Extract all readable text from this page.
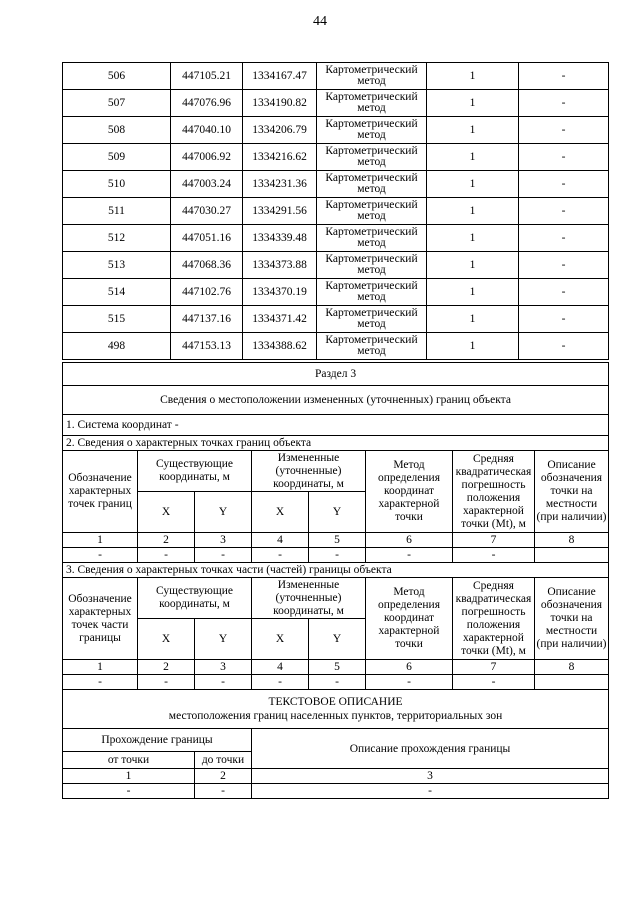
44
506	447105.21	1334167.47	Картометрический метод	1	-
507	447076.96	1334190.82	Картометрический метод	1	-
508	447040.10	1334206.79	Картометрический метод	1	-
509	447006.92	1334216.62	Картометрический метод	1	-
510	447003.24	1334231.36	Картометрический метод	1	-
511	447030.27	1334291.56	Картометрический метод	1	-
512	447051.16	1334339.48	Картометрический метод	1	-
513	447068.36	1334373.88	Картометрический метод	1	-
514	447102.76	1334370.19	Картометрический метод	1	-
515	447137.16	1334371.42	Картометрический метод	1	-
498	447153.13	1334388.62	Картометрический метод	1	-
Раздел 3							
Сведения о местоположении измененных (уточненных) границ объекта							
1. Система координат -							
2. Сведения о характерных точках границ объекта							
Обозначение характерных точек границ	Существующие координаты, м		Измененные (уточненные) координаты, м		Метод определения координат характерной точки	Средняя квадратическая погрешность положения характерной точки (Mt), м	Описание обозначения точки на местности (при наличии)
	X	Y	X	Y			
1	2	3	4	5	6	7	8
-	-	-	-	-	-	-	
3. Сведения о характерных точках части (частей) границы объекта							
Обозначение характерных точек части границы	Существующие координаты, м		Измененные (уточненные) координаты, м		Метод определения координат характерной точки	Средняя квадратическая погрешность положения характерной точки (Mt), м	Описание обозначения точки на местности (при наличии)
	X	Y	X	Y			
1	2	3	4	5	6	7	8
-	-	-	-	-	-	-	

ТЕКСТОВОЕ ОПИСАНИЕ
местоположения границ населенных пунктов, территориальных зон							

Прохождение границы			Описание прохождения границы				
от точки		до точки					
1		2	3				
-		-	-				
